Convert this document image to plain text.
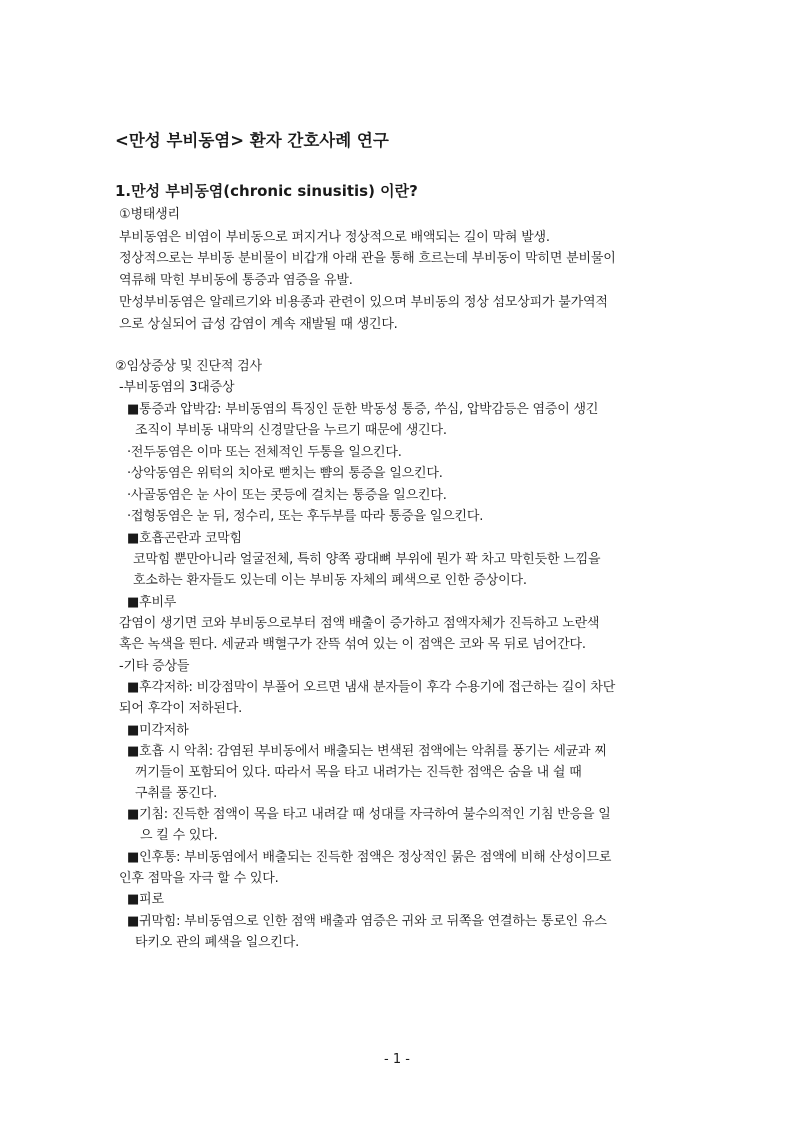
<만성 부비동염> 환자 간호사례 연구
1.만성 부비동염(chronic sinusitis) 이란?
①병태생리
부비동염은 비염이 부비동으로 퍼지거나 정상적으로 배액되는 길이 막혀 발생.
정상적으로는 부비동 분비물이 비갑개 아래 관을 통해 흐르는데 부비동이 막히면 분비물이
역류해 막힌 부비동에 통증과 염증을 유발.
만성부비동염은 알레르기와 비용종과 관련이 있으며 부비동의 정상 섬모상피가 불가역적
으로 상실되어 급성 감염이 계속 재발될 때 생긴다.
②임상증상 및 진단적 검사
-부비동염의 3대증상
■통증과 압박감: 부비동염의 특징인 둔한 박동성 통증, 쑤심, 압박감등은 염증이 생긴
조직이 부비동 내막의 신경말단을 누르기 때문에 생긴다.
·전두동염은 이마 또는 전체적인 두통을 일으킨다.
·상악동염은 위턱의 치아로 뻗치는 뺨의 통증을 일으킨다.
·사골동염은 눈 사이 또는 콧등에 걸치는 통증을 일으킨다.
·접형동염은 눈 뒤, 정수리, 또는 후두부를 따라 통증을 일으킨다.
■호흡곤란과 코막힘
코막힘 뿐만아니라 얼굴전체, 특히 양쪽 광대뼈 부위에 뭔가 꽉 차고 막힌듯한 느낌을
호소하는 환자들도 있는데 이는 부비동 자체의 폐색으로 인한 증상이다.
■후비루
감염이 생기면 코와 부비동으로부터 점액 배출이 증가하고 점액자체가 진득하고 노란색
혹은 녹색을 띈다. 세균과 백혈구가 잔뜩 섞여 있는 이 점액은 코와 목 뒤로 넘어간다.
-기타 증상들
■후각저하: 비강점막이 부풀어 오르면 냄새 분자들이 후각 수용기에 접근하는 길이 차단
되어 후각이 저하된다.
■미각저하
■호흡 시 악취: 감염된 부비동에서 배출되는 변색된 점액에는 악취를 풍기는 세균과 찌
꺼기들이 포함되어 있다. 따라서 목을 타고 내려가는 진득한 점액은 숨을 내 쉴 때
구취를 풍긴다.
■기침: 진득한 점액이 목을 타고 내려갈 때 성대를 자극하여 불수의적인 기침 반응을 일
으 킬 수 있다.
■인후통: 부비동염에서 배출되는 진득한 점액은 정상적인 묽은 점액에 비해 산성이므로
인후 점막을 자극 할 수 있다.
■피로
■귀막힘: 부비동염으로 인한 점액 배출과 염증은 귀와 코 뒤쪽을 연결하는 통로인 유스
타키오 관의 폐색을 일으킨다.
- 1 -
